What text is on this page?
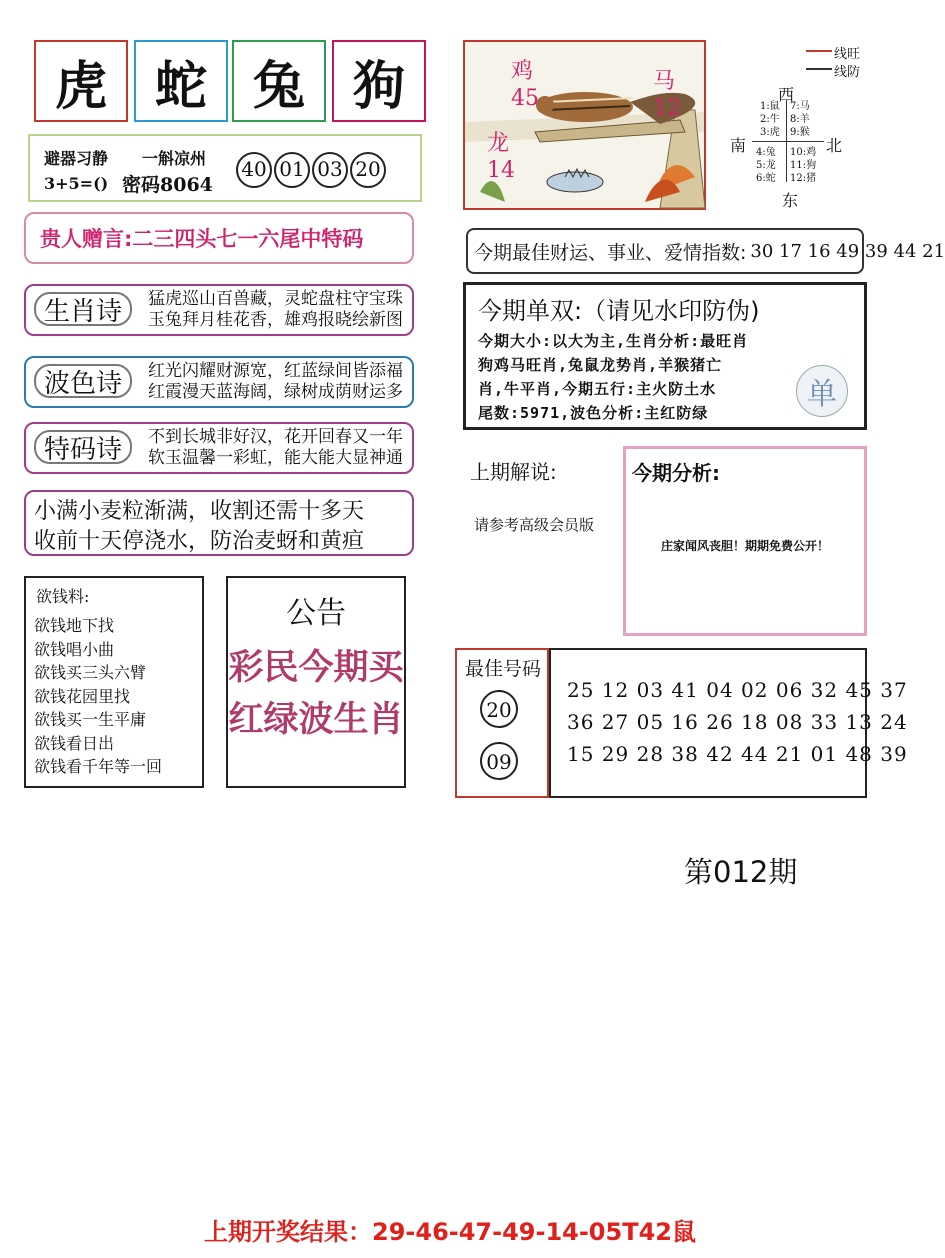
虎 蛇 兔 狗
避器习静 一斛凉州
3+5=() 密码8064
40 01 03 20
贵人赠言:二三四头七一六尾中特码
生肖诗	猛虎巡山百兽藏，灵蛇盘柱守宝珠
玉兔拜月桂花香，雄鸡报晓绘新图
波色诗	红光闪耀财源宽，红蓝绿间皆添福
红霞漫天蓝海阔，绿树成荫财运多
特码诗	不到长城非好汉，花开回春又一年
软玉温馨一彩虹，能大能大显神通
小满小麦粒渐满，收割还需十多天
收前十天停浇水，防治麦蚜和黄疸
欲钱料:
欲钱地下找
欲钱唱小曲
欲钱买三头六臂
欲钱花园里找
欲钱买一生平庸
欲钱看日出
欲钱看千年等一回
公告
彩民今期买
红绿波生肖
鸡
45
马
12
龙
14
线旺
线防
西
南	北
东
1:鼠
2:牛
3:虎
7:马
8:羊
9:猴
4:兔
5:龙
6:蛇
10:鸡
11:狗
12:猪
今期最佳财运、事业、爱情指数: 30 17 16 49 39 44 21
今期单双:（请见水印防伪)
今期大小:以大为主,生肖分析:最旺肖
狗鸡马旺肖,兔鼠龙势肖,羊猴猪亡
肖,牛平肖,今期五行:主火防土水
尾数:5971,波色分析:主红防绿
单
上期解说:
请参考高级会员版
今期分析:
庄家闻风丧胆！期期免费公开！
最佳号码
20
09
25 12 03 41 04 02 06 32 45 37
36 27 05 16 26 18 08 33 13 24
15 29 28 38 42 44 21 01 48 39
第012期
上期开奖结果：29-46-47-49-14-05T42鼠
